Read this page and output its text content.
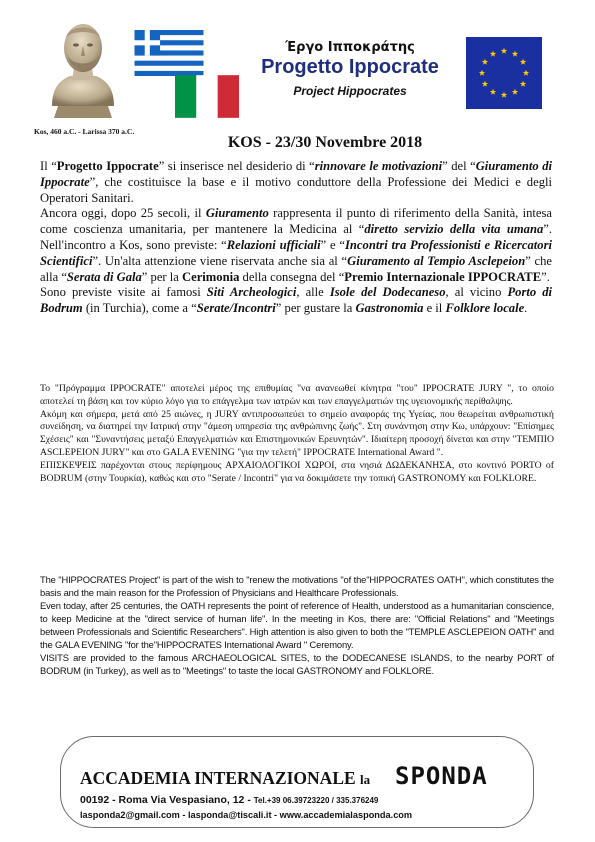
Kos, 460 a.C. - Larissa 370 a.C.
Έργο Ιπποκράτης
Progetto Ippocrate
Project Hippocrates
KOS - 23/30 Novembre 2018

Il “Progetto Ippocrate” si inserisce nel desiderio di “rinnovare le motivazioni” del “Giuramento di Ippocrate”, che costituisce la base e il motivo conduttore della Professione dei Medici e degli Operatori Sanitari.

Ancora oggi, dopo 25 secoli, il Giuramento rappresenta il punto di riferimento della Sanità, intesa come coscienza umanitaria, per mantenere la Medicina al “diretto servizio della vita umana”. Nell'incontro a Kos, sono previste: “Relazioni ufficiali” e “Incontri tra Professionisti e Ricercatori Scientifici”. Un'alta attenzione viene riservata anche sia al “Giuramento al Tempio Asclepeion” che alla “Serata di Gala” per la Cerimonia della consegna del “Premio Internazionale IPPOCRATE”.

Sono previste visite ai famosi Siti Archeologici, alle Isole del Dodecaneso, al vicino Porto di Bodrum (in Turchia), come a “Serate/Incontri” per gustare la Gastronomia e il Folklore locale.

Το "Πρόγραμμα IPPOCRATE" αποτελεί μέρος της επιθυμίας "να ανανεωθεί κίνητρα "του" IPPOCRATE JURY ", το οποίο αποτελεί τη βάση και τον κύριο λόγο για το επάγγελμα των ιατρών και των επαγγελματιών της υγειονομικής περίθαλψης.

Ακόμη και σήμερα, μετά από 25 αιώνες, η JURY αντιπροσωπεύει το σημείο αναφοράς της Υγείας, που θεωρείται ανθρωπιστική συνείδηση, να διατηρεί την Ιατρική στην "άμεση υπηρεσία της ανθρώπινης ζωής". Στη συνάντηση στην Κω, υπάρχουν: "Επίσημες Σχέσεις" και "Συναντήσεις μεταξύ Επαγγελματιών και Επιστημονικών Ερευνητών". Ιδιαίτερη προσοχή δίνεται και στην "ΤΕΜΠΙΟ ASCLEPEION JURY" και στο GALA EVENING "για την τελετή" IPPOCRATE International Award ".

ΕΠΙΣΚΕΨΕΙΣ παρέχονται στους περίφημους ΑΡΧΑΙΟΛΟΓΙΚΟΙ ΧΩΡΟΙ, στα νησιά ΔΩΔΕΚΑΝΗΣΑ, στο κοντινό PORTO of BODRUM (στην Τουρκία), καθώς και στο "Serate / Incontri" για να δοκιμάσετε την τοπική GASTRONOMY και FOLKLORE.

The "HIPPOCRATES Project" is part of the wish to "renew the motivations "of the"HIPPOCRATES OATH", which constitutes the basis and the main reason for the Profession of Physicians and Healthcare Professionals.

Even today, after 25 centuries, the OATH represents the point of reference of Health, understood as a humanitarian conscience, to keep Medicine at the "direct service of human life". In the meeting in Kos, there are: "Official Relations" and "Meetings between Professionals and Scientific Researchers". High attention is also given to both the "TEMPLE ASCLEPEION OATH" and the GALA EVENING "for the"HIPPOCRATES International Award " Ceremony.

VISITS are provided to the famous ARCHAEOLOGICAL SITES, to the DODECANESE ISLANDS, to the nearby PORT of BODRUM (in Turkey), as well as to "Meetings" to taste the local GASTRONOMY and FOLKLORE.

ACCADEMIA INTERNAZIONALE la SPONDA
00192 - Roma Via Vespasiano, 12 - Tel.+39 06.39723220 / 335.376249
lasponda2@gmail.com - lasponda@tiscali.it - www.accademialasponda.com
